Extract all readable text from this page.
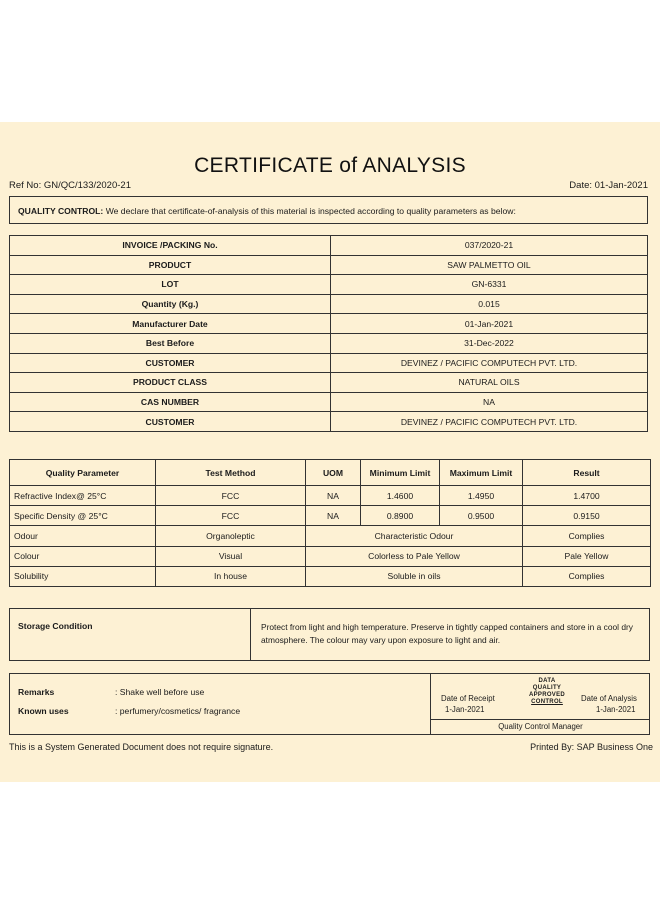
CERTIFICATE of ANALYSIS
Ref No: GN/QC/133/2020-21	Date: 01-Jan-2021
QUALITY CONTROL: We declare that certificate-of-analysis of this material is inspected according to quality parameters as below:
INVOICE /PACKING No.	037/2020-21
PRODUCT	SAW PALMETTO OIL
LOT	GN-6331
Quantity (Kg.)	0.015
Manufacturer Date	01-Jan-2021
Best Before	31-Dec-2022
CUSTOMER	DEVINEZ / PACIFIC COMPUTECH PVT. LTD.
PRODUCT CLASS	NATURAL OILS
CAS NUMBER	NA
CUSTOMER	DEVINEZ / PACIFIC COMPUTECH PVT. LTD.
Quality Parameter	Test Method	UOM	Minimum Limit	Maximum Limit	Result
Refractive Index@ 25°C	FCC	NA	1.4600	1.4950	1.4700
Specific Density @ 25°C	FCC	NA	0.8900	0.9500	0.9150
Odour	Organoleptic	Characteristic Odour			Complies
Colour	Visual	Colorless to Pale Yellow			Pale Yellow
Solubility	In house	Soluble in oils			Complies
Storage Condition	Protect from light and high temperature. Preserve in tightly capped containers and store in a cool dry atmosphere. The colour may vary upon exposure to light and air.
Remarks	: Shake well before use
Known uses	: perfumery/cosmetics/ fragrance
Date of Receipt
1-Jan-2021
DATA
QUALITY
APPROVED
CONTROL	Date of Analysis
1-Jan-2021
Quality Control Manager
This is a System Generated Document does not require signature.	Printed By: SAP Business One
